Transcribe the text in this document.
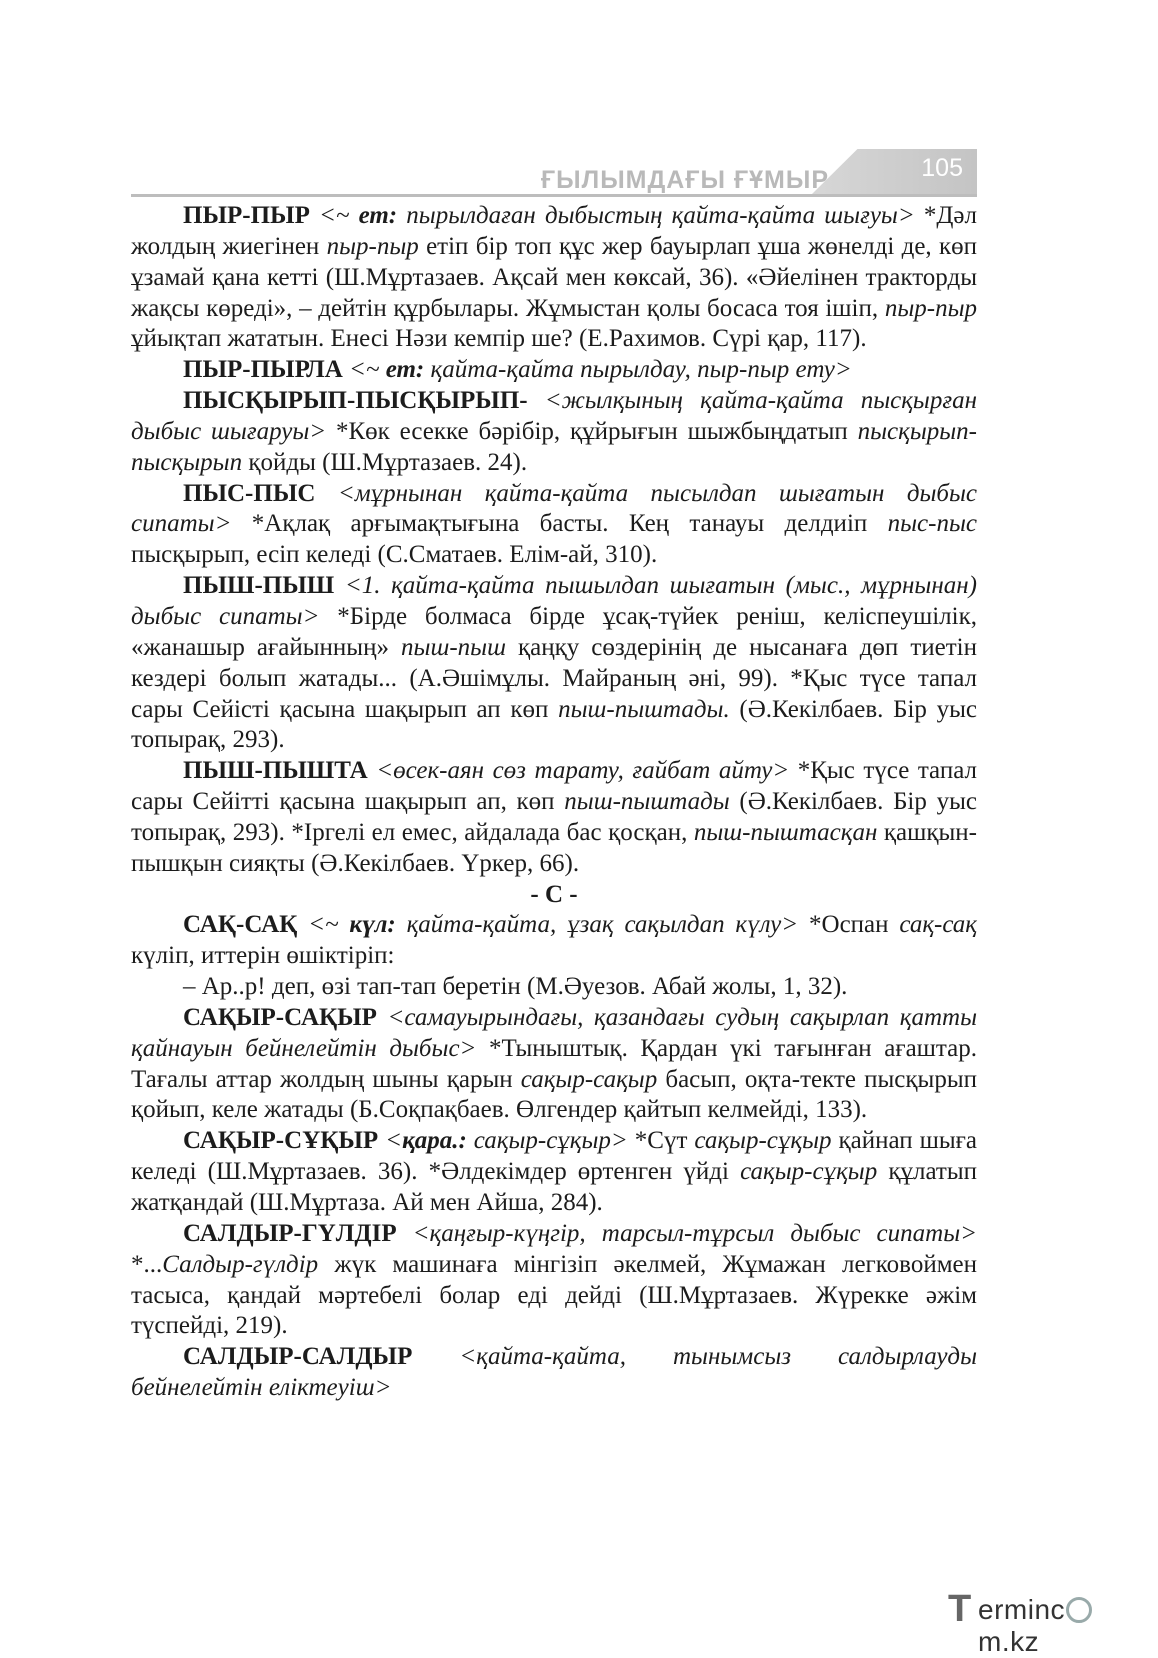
ҒЫЛЫМДАҒЫ ҒҰМЫР	105

ПЫР-ПЫР <~ ет: пырылдаған дыбыстың қайта-қайта шығуы> *Дәл жолдың жиегінен пыр-пыр етіп бір топ құс жер бауырлап ұша жөнелді де, көп ұзамай қана кетті (Ш.Мұртазаев. Ақсай мен көксай, 36). «Әйелінен тракторды жақсы көреді», – дейтін құрбылары. Жұмыстан қолы босаса тоя ішіп, пыр-пыр ұйықтап жататын. Енесі Нәзи кемпір ше? (Е.Рахимов. Сүрі қар, 117).

ПЫР-ПЫРЛА <~ ет: қайта-қайта пырылдау, пыр-пыр ету>

ПЫСҚЫРЫП-ПЫСҚЫРЫП- <жылқының қайта-қайта пысқырған дыбыс шығаруы> *Көк есекке бәрібір, құйрығын шыжбыңдатып пысқырып-пысқырып қойды (Ш.Мұртазаев. 24).

ПЫС-ПЫС <мұрнынан қайта-қайта пысылдап шығатын дыбыс сипаты> *Ақлақ арғымақтығына басты. Кең танауы делдиіп пыс-пыс пысқырып, есіп келеді (С.Сматаев. Елім-ай, 310).

ПЫШ-ПЫШ <1. қайта-қайта пышылдап шығатын (мыс., мұрнынан) дыбыс сипаты> *Бірде болмаса бірде ұсақ-түйек реніш, келіспеушілік, «жанашыр ағайынның» пыш-пыш қаңқу сөздерінің де нысанаға дөп тиетін кездері болып жатады... (А.Әшімұлы. Майраның әні, 99). *Қыс түсе тапал сары Сейісті қасына шақырып ап көп пыш-пыштады. (Ә.Кекілбаев. Бір уыс топырақ, 293).

ПЫШ-ПЫШТА <өсек-аян сөз тарату, ғайбат айту> *Қыс түсе тапал сары Сейітті қасына шақырып ап, көп пыш-пыштады (Ә.Кекілбаев. Бір уыс топырақ, 293). *Іргелі ел емес, айдалада бас қосқан, пыш-пыштасқан қашқын-пышқын сияқты (Ә.Кекілбаев. Үркер, 66).

- С -

САҚ-САҚ <~ күл: қайта-қайта, ұзақ сақылдап күлу> *Оспан сақ-сақ күліп, иттерін өшіктіріп:

– Ар..р! деп, өзі тап-тап беретін (М.Әуезов. Абай жолы, 1, 32).

САҚЫР-САҚЫР <самауырындағы, қазандағы судың сақырлап қатты қайнауын бейнелейтін дыбыс> *Тыныштық. Қардан үкі тағынған ағаштар. Тағалы аттар жолдың шыны қарын сақыр-сақыр басып, оқта-текте пысқырып қойып, келе жатады (Б.Соқпақбаев. Өлгендер қайтып келмейді, 133).

САҚЫР-СҰҚЫР <қара.: сақыр-сұқыр> *Сүт сақыр-сұқыр қайнап шыға келеді (Ш.Мұртазаев. 36). *Әлдекімдер өртенген үйді сақыр-сұқыр құлатып жатқандай (Ш.Мұртаза. Ай мен Айша, 284).

САЛДЫР-ГҮЛДІР <қаңғыр-күңгір, тарсыл-тұрсыл дыбыс сипаты> *...Салдыр-гүлдір жүк машинаға мінгізіп әкелмей, Жұмажан легковоймен тасыса, қандай мәртебелі болар еді дейді (Ш.Мұртазаев. Жүрекке әжім түспейді, 219).

САЛДЫР-САЛДЫР <қайта-қайта, тынымсыз салдырлауды бейнелейтін еліктеуіш>

T ermincm.kz
